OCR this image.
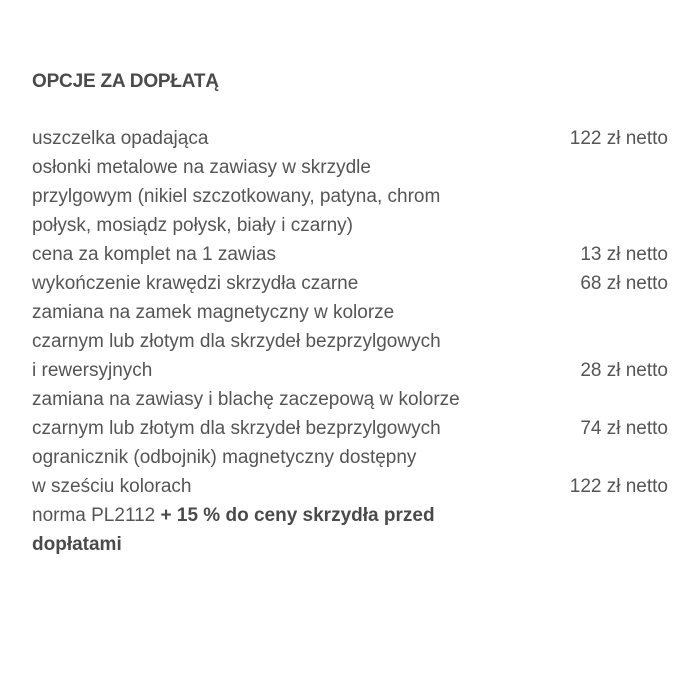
OPCJE ZA DOPŁATĄ
uszczelka opadająca	122 zł netto
osłonki metalowe na zawiasy w skrzydle
przylgowym (nikiel szczotkowany, patyna, chrom
połysk, mosiądz połysk, biały i czarny)
cena za komplet na 1 zawias	13 zł netto
wykończenie krawędzi skrzydła czarne	68 zł netto
zamiana na zamek magnetyczny w kolorze
czarnym lub złotym dla skrzydeł bezprzylgowych
i rewersyjnych	28 zł netto
zamiana na zawiasy i blachę zaczepową w kolorze
czarnym lub złotym dla skrzydeł bezprzylgowych	74 zł netto
ogranicznik (odbojnik) magnetyczny dostępny
w sześciu kolorach	122 zł netto
norma PL2112 + 15 % do ceny skrzydła przed
dopłatami
